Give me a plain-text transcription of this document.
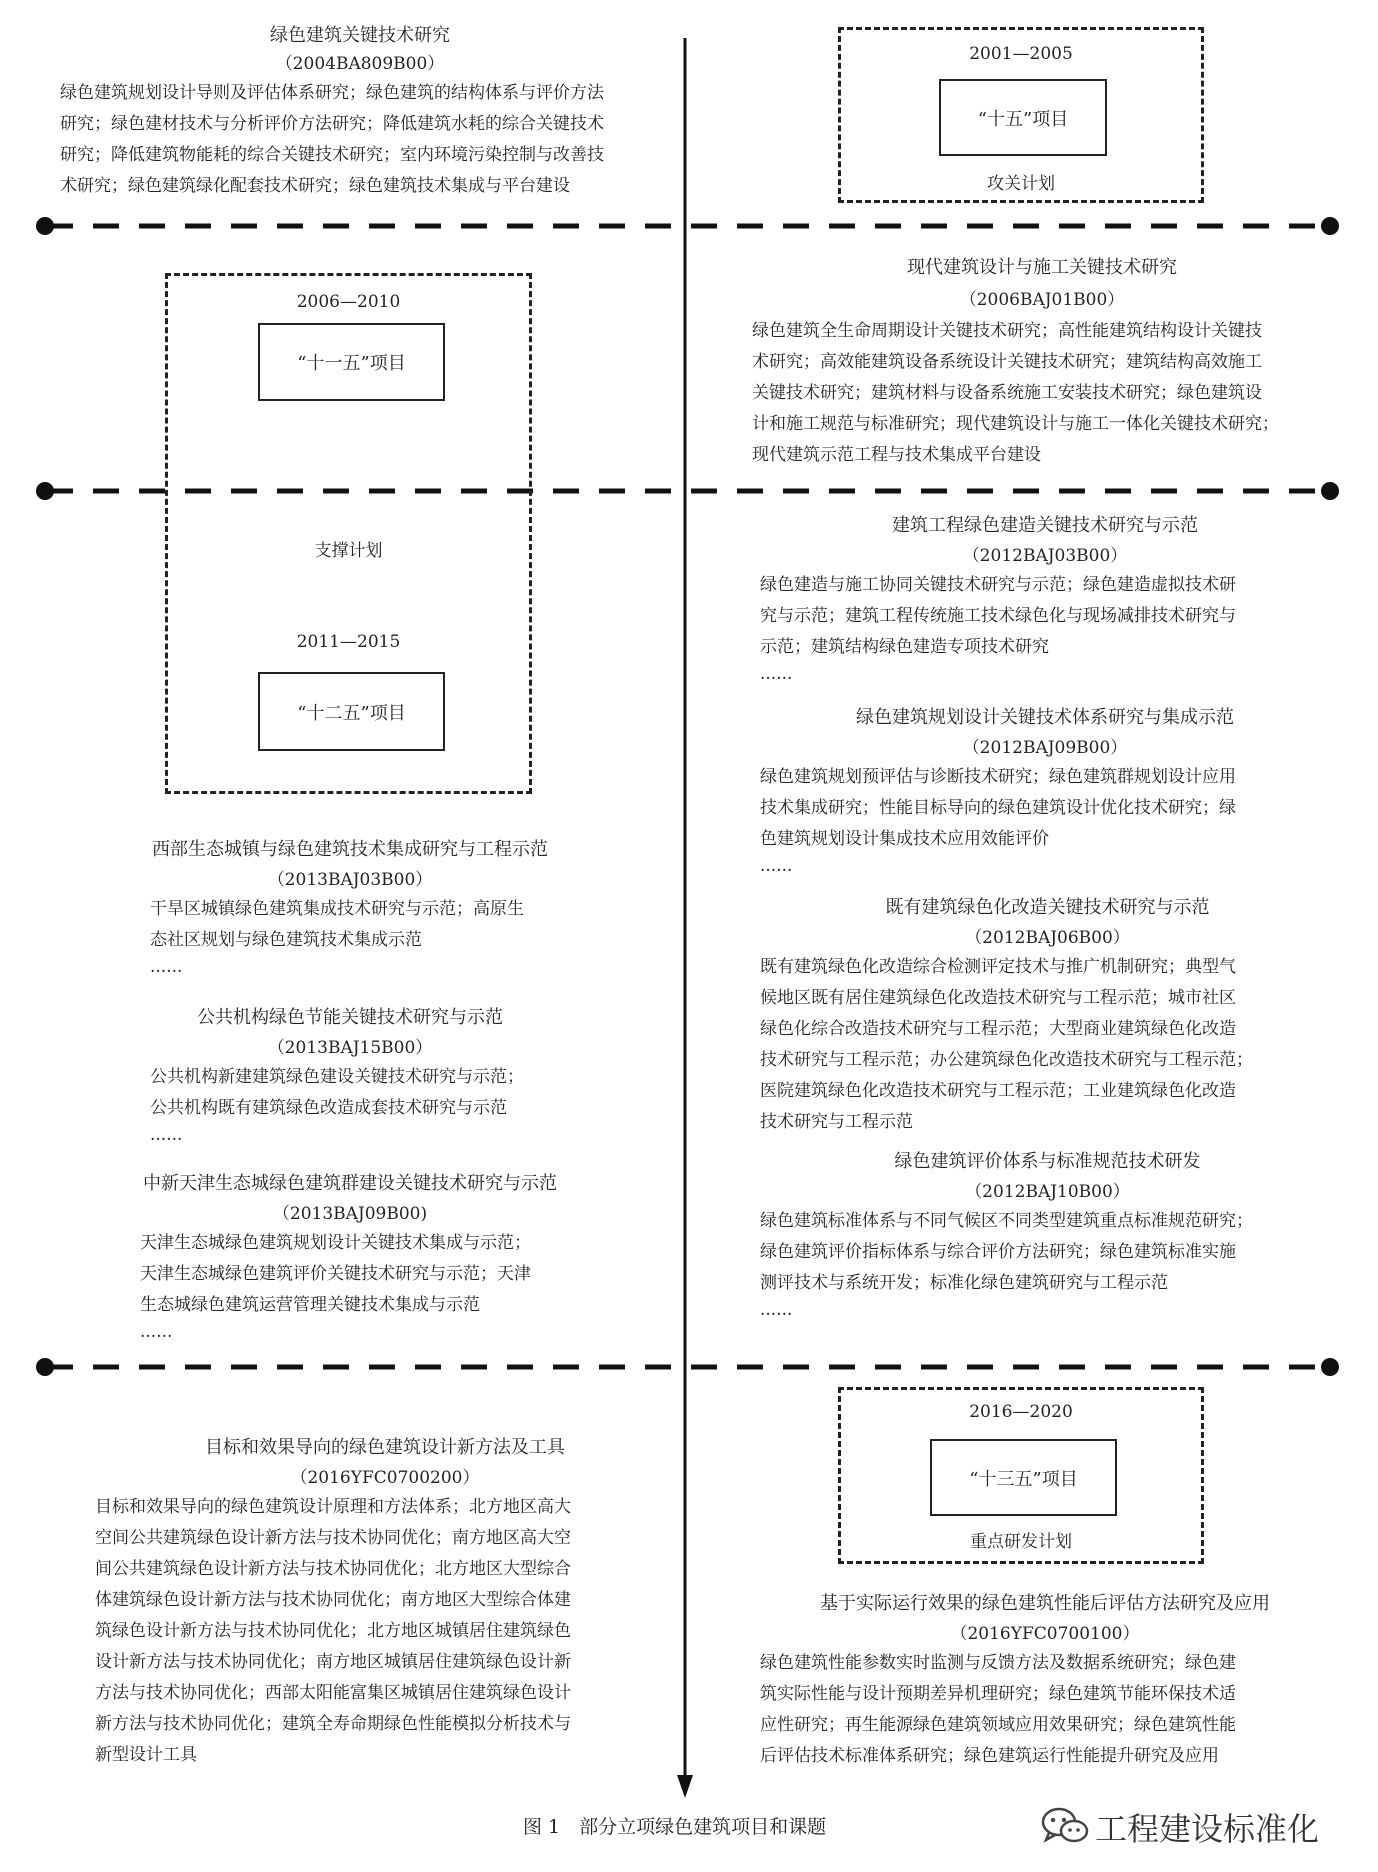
2001—2005
“十五”项目
攻关计划
2006—2010
“十一五”项目
支撑计划
2011—2015
“十二五”项目
2016—2020
“十三五”项目
重点研发计划
绿色建筑关键技术研究
（2004BA809B00）
绿色建筑规划设计导则及评估体系研究；绿色建筑的结构体系与评价方法
研究；绿色建材技术与分析评价方法研究；降低建筑水耗的综合关键技术
研究；降低建筑物能耗的综合关键技术研究；室内环境污染控制与改善技
术研究；绿色建筑绿化配套技术研究；绿色建筑技术集成与平台建设
现代建筑设计与施工关键技术研究
（2006BAJ01B00）
绿色建筑全生命周期设计关键技术研究；高性能建筑结构设计关键技
术研究；高效能建筑设备系统设计关键技术研究；建筑结构高效施工
关键技术研究；建筑材料与设备系统施工安装技术研究；绿色建筑设
计和施工规范与标准研究；现代建筑设计与施工一体化关键技术研究；
现代建筑示范工程与技术集成平台建设
建筑工程绿色建造关键技术研究与示范
（2012BAJ03B00）
绿色建造与施工协同关键技术研究与示范；绿色建造虚拟技术研
究与示范；建筑工程传统施工技术绿色化与现场减排技术研究与
示范；建筑结构绿色建造专项技术研究
......
绿色建筑规划设计关键技术体系研究与集成示范
（2012BAJ09B00）
绿色建筑规划预评估与诊断技术研究；绿色建筑群规划设计应用
技术集成研究；性能目标导向的绿色建筑设计优化技术研究；绿
色建筑规划设计集成技术应用效能评价
......
既有建筑绿色化改造关键技术研究与示范
（2012BAJ06B00）
既有建筑绿色化改造综合检测评定技术与推广机制研究；典型气
候地区既有居住建筑绿色化改造技术研究与工程示范；城市社区
绿色化综合改造技术研究与工程示范；大型商业建筑绿色化改造
技术研究与工程示范；办公建筑绿色化改造技术研究与工程示范；
医院建筑绿色化改造技术研究与工程示范；工业建筑绿色化改造
技术研究与工程示范
绿色建筑评价体系与标准规范技术研发
（2012BAJ10B00）
绿色建筑标准体系与不同气候区不同类型建筑重点标准规范研究；
绿色建筑评价指标体系与综合评价方法研究；绿色建筑标准实施
测评技术与系统开发；标准化绿色建筑研究与工程示范
......
西部生态城镇与绿色建筑技术集成研究与工程示范
（2013BAJ03B00）
干旱区城镇绿色建筑集成技术研究与示范；高原生
态社区规划与绿色建筑技术集成示范
......
公共机构绿色节能关键技术研究与示范
（2013BAJ15B00）
公共机构新建建筑绿色建设关键技术研究与示范；
公共机构既有建筑绿色改造成套技术研究与示范
......
中新天津生态城绿色建筑群建设关键技术研究与示范
（2013BAJ09B00)
天津生态城绿色建筑规划设计关键技术集成与示范；
天津生态城绿色建筑评价关键技术研究与示范；天津
生态城绿色建筑运营管理关键技术集成与示范
......
目标和效果导向的绿色建筑设计新方法及工具
（2016YFC0700200）
目标和效果导向的绿色建筑设计原理和方法体系；北方地区高大
空间公共建筑绿色设计新方法与技术协同优化；南方地区高大空
间公共建筑绿色设计新方法与技术协同优化；北方地区大型综合
体建筑绿色设计新方法与技术协同优化；南方地区大型综合体建
筑绿色设计新方法与技术协同优化；北方地区城镇居住建筑绿色
设计新方法与技术协同优化；南方地区城镇居住建筑绿色设计新
方法与技术协同优化；西部太阳能富集区城镇居住建筑绿色设计
新方法与技术协同优化；建筑全寿命期绿色性能模拟分析技术与
新型设计工具
基于实际运行效果的绿色建筑性能后评估方法研究及应用
（2016YFC0700100）
绿色建筑性能参数实时监测与反馈方法及数据系统研究；绿色建
筑实际性能与设计预期差异机理研究；绿色建筑节能环保技术适
应性研究；再生能源绿色建筑领域应用效果研究；绿色建筑性能
后评估技术标准体系研究；绿色建筑运行性能提升研究及应用
图 1　部分立项绿色建筑项目和课题	工程建设标准化
